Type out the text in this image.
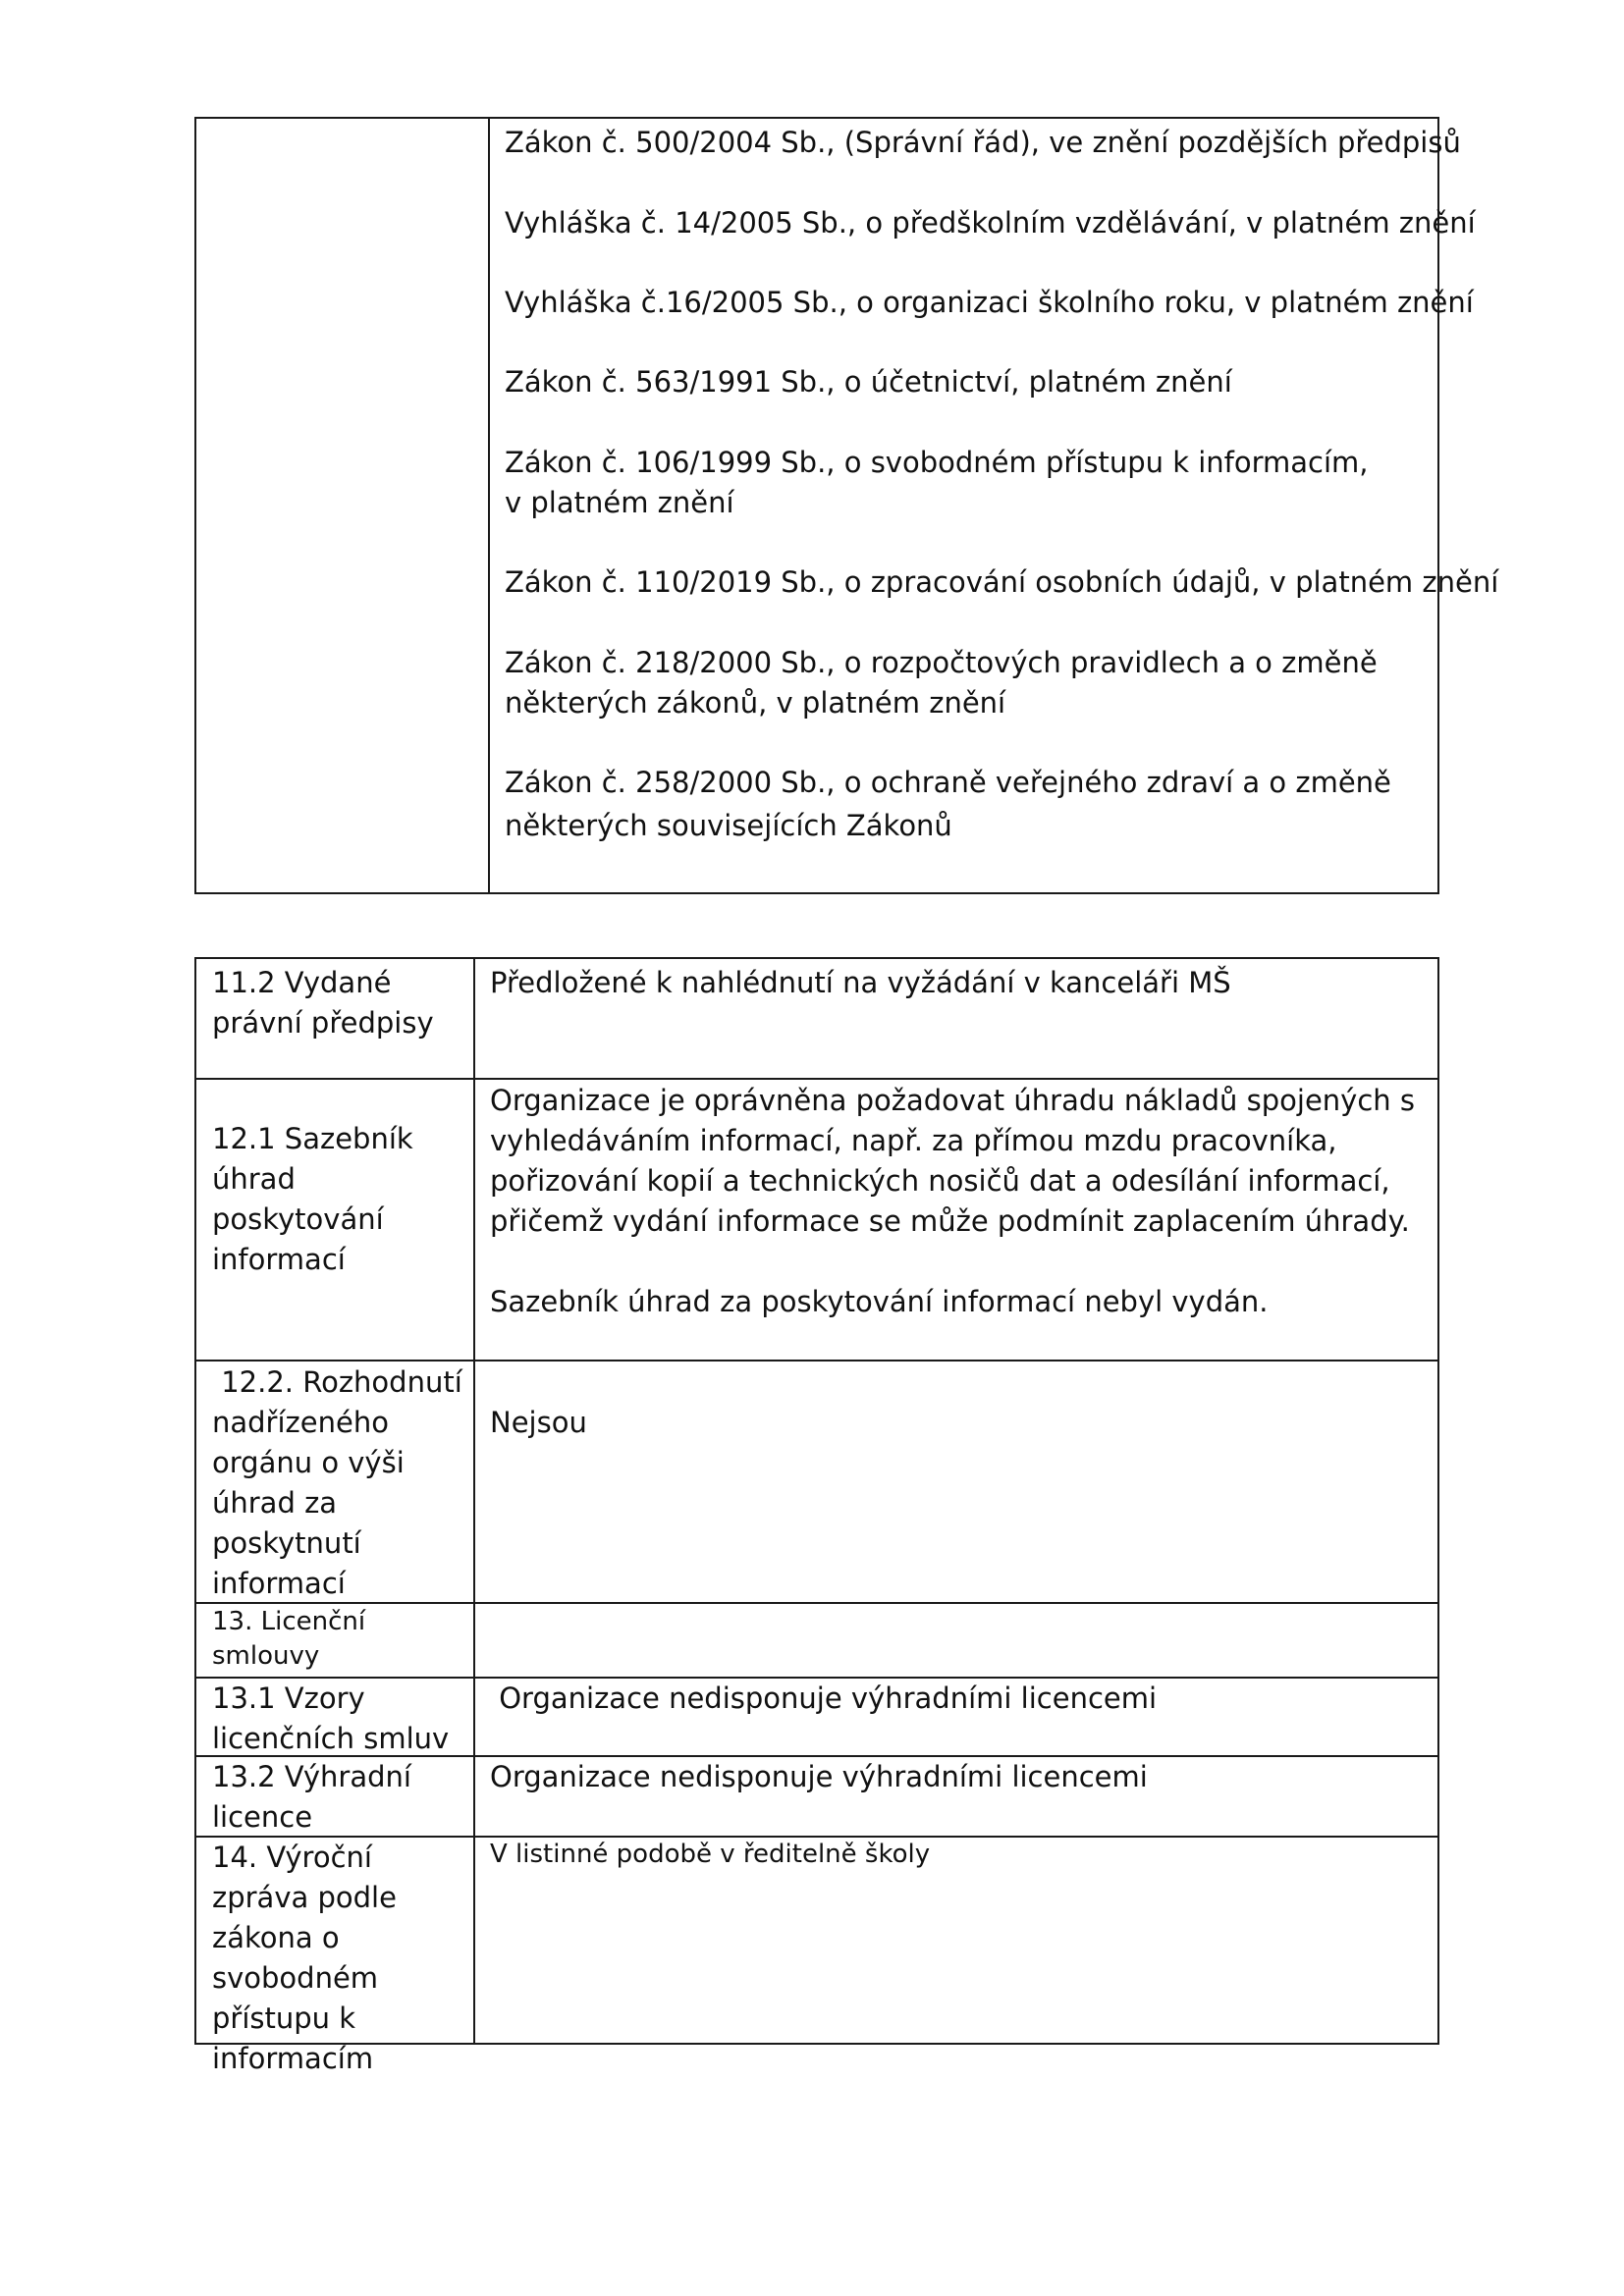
Zákon č. 500/2004 Sb., (Správní řád), ve znění pozdějších předpisů
Vyhláška č. 14/2005 Sb., o předškolním vzdělávání, v platném znění
Vyhláška č.16/2005 Sb., o organizaci školního roku, v platném znění
Zákon č. 563/1991 Sb., o účetnictví, platném znění
Zákon č. 106/1999 Sb., o svobodném přístupu k informacím,
v platném znění
Zákon č. 110/2019 Sb., o zpracování osobních údajů, v platném znění
Zákon č. 218/2000 Sb., o rozpočtových pravidlech a o změně
některých zákonů, v platném znění
Zákon č. 258/2000 Sb., o ochraně veřejného zdraví a o změně
některých souvisejících Zákonů
11.2 Vydané právní předpisy
Předložené k nahlédnutí na vyžádání v kanceláři MŠ
12.1 Sazebník úhrad poskytování informací
Organizace je oprávněna požadovat úhradu nákladů spojených s
vyhledáváním informací, např. za přímou mzdu pracovníka,
pořizování kopií a technických nosičů dat a odesílání informací,
přičemž vydání informace se může podmínit zaplacením úhrady.
Sazebník úhrad za poskytování informací nebyl vydán.
12.2. Rozhodnutí nadřízeného orgánu o výši úhrad za poskytnutí informací
Nejsou
13. Licenční smlouvy
13.1 Vzory licenčních smluv
Organizace nedisponuje výhradními licencemi
13.2 Výhradní licence
Organizace nedisponuje výhradními licencemi
14. Výroční zpráva podle zákona o svobodném přístupu k informacím
V listinné podobě v ředitelně školy
